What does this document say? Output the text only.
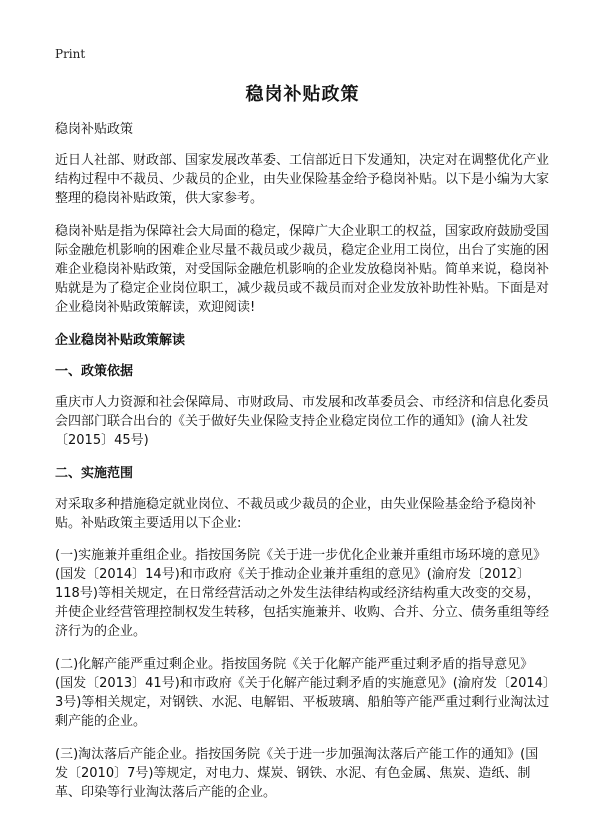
Print
稳岗补贴政策

稳岗补贴政策

近日人社部、财政部、国家发展改革委、工信部近日下发通知，决定对在调整优化产业结构过程中不裁员、少裁员的企业，由失业保险基金给予稳岗补贴。以下是小编为大家整理的稳岗补贴政策，供大家参考。

稳岗补贴是指为保障社会大局面的稳定，保障广大企业职工的权益，国家政府鼓励受国际金融危机影响的困难企业尽量不裁员或少裁员，稳定企业用工岗位，出台了实施的困难企业稳岗补贴政策，对受国际金融危机影响的企业发放稳岗补贴。简单来说，稳岗补贴就是为了稳定企业岗位职工，减少裁员或不裁员而对企业发放补助性补贴。下面是对企业稳岗补贴政策解读，欢迎阅读!

企业稳岗补贴政策解读

一、政策依据

重庆市人力资源和社会保障局、市财政局、市发展和改革委员会、市经济和信息化委员会四部门联合出台的《关于做好失业保险支持企业稳定岗位工作的通知》(渝人社发〔2015〕45号)

二、实施范围

对采取多种措施稳定就业岗位、不裁员或少裁员的企业，由失业保险基金给予稳岗补贴。补贴政策主要适用以下企业:

(一)实施兼并重组企业。指按国务院《关于进一步优化企业兼并重组市场环境的意见》(国发〔2014〕14号)和市政府《关于推动企业兼并重组的意见》(渝府发〔2012〕118号)等相关规定，在日常经营活动之外发生法律结构或经济结构重大改变的交易，并使企业经营管理控制权发生转移，包括实施兼并、收购、合并、分立、债务重组等经济行为的企业。

(二)化解产能严重过剩企业。指按国务院《关于化解产能严重过剩矛盾的指导意见》(国发〔2013〕41号)和市政府《关于化解产能过剩矛盾的实施意见》(渝府发〔2014〕3号)等相关规定，对钢铁、水泥、电解铝、平板玻璃、船舶等产能严重过剩行业淘汰过剩产能的企业。

(三)淘汰落后产能企业。指按国务院《关于进一步加强淘汰落后产能工作的通知》(国发〔2010〕7号)等规定，对电力、煤炭、钢铁、水泥、有色金属、焦炭、造纸、制革、印染等行业淘汰落后产能的企业。
